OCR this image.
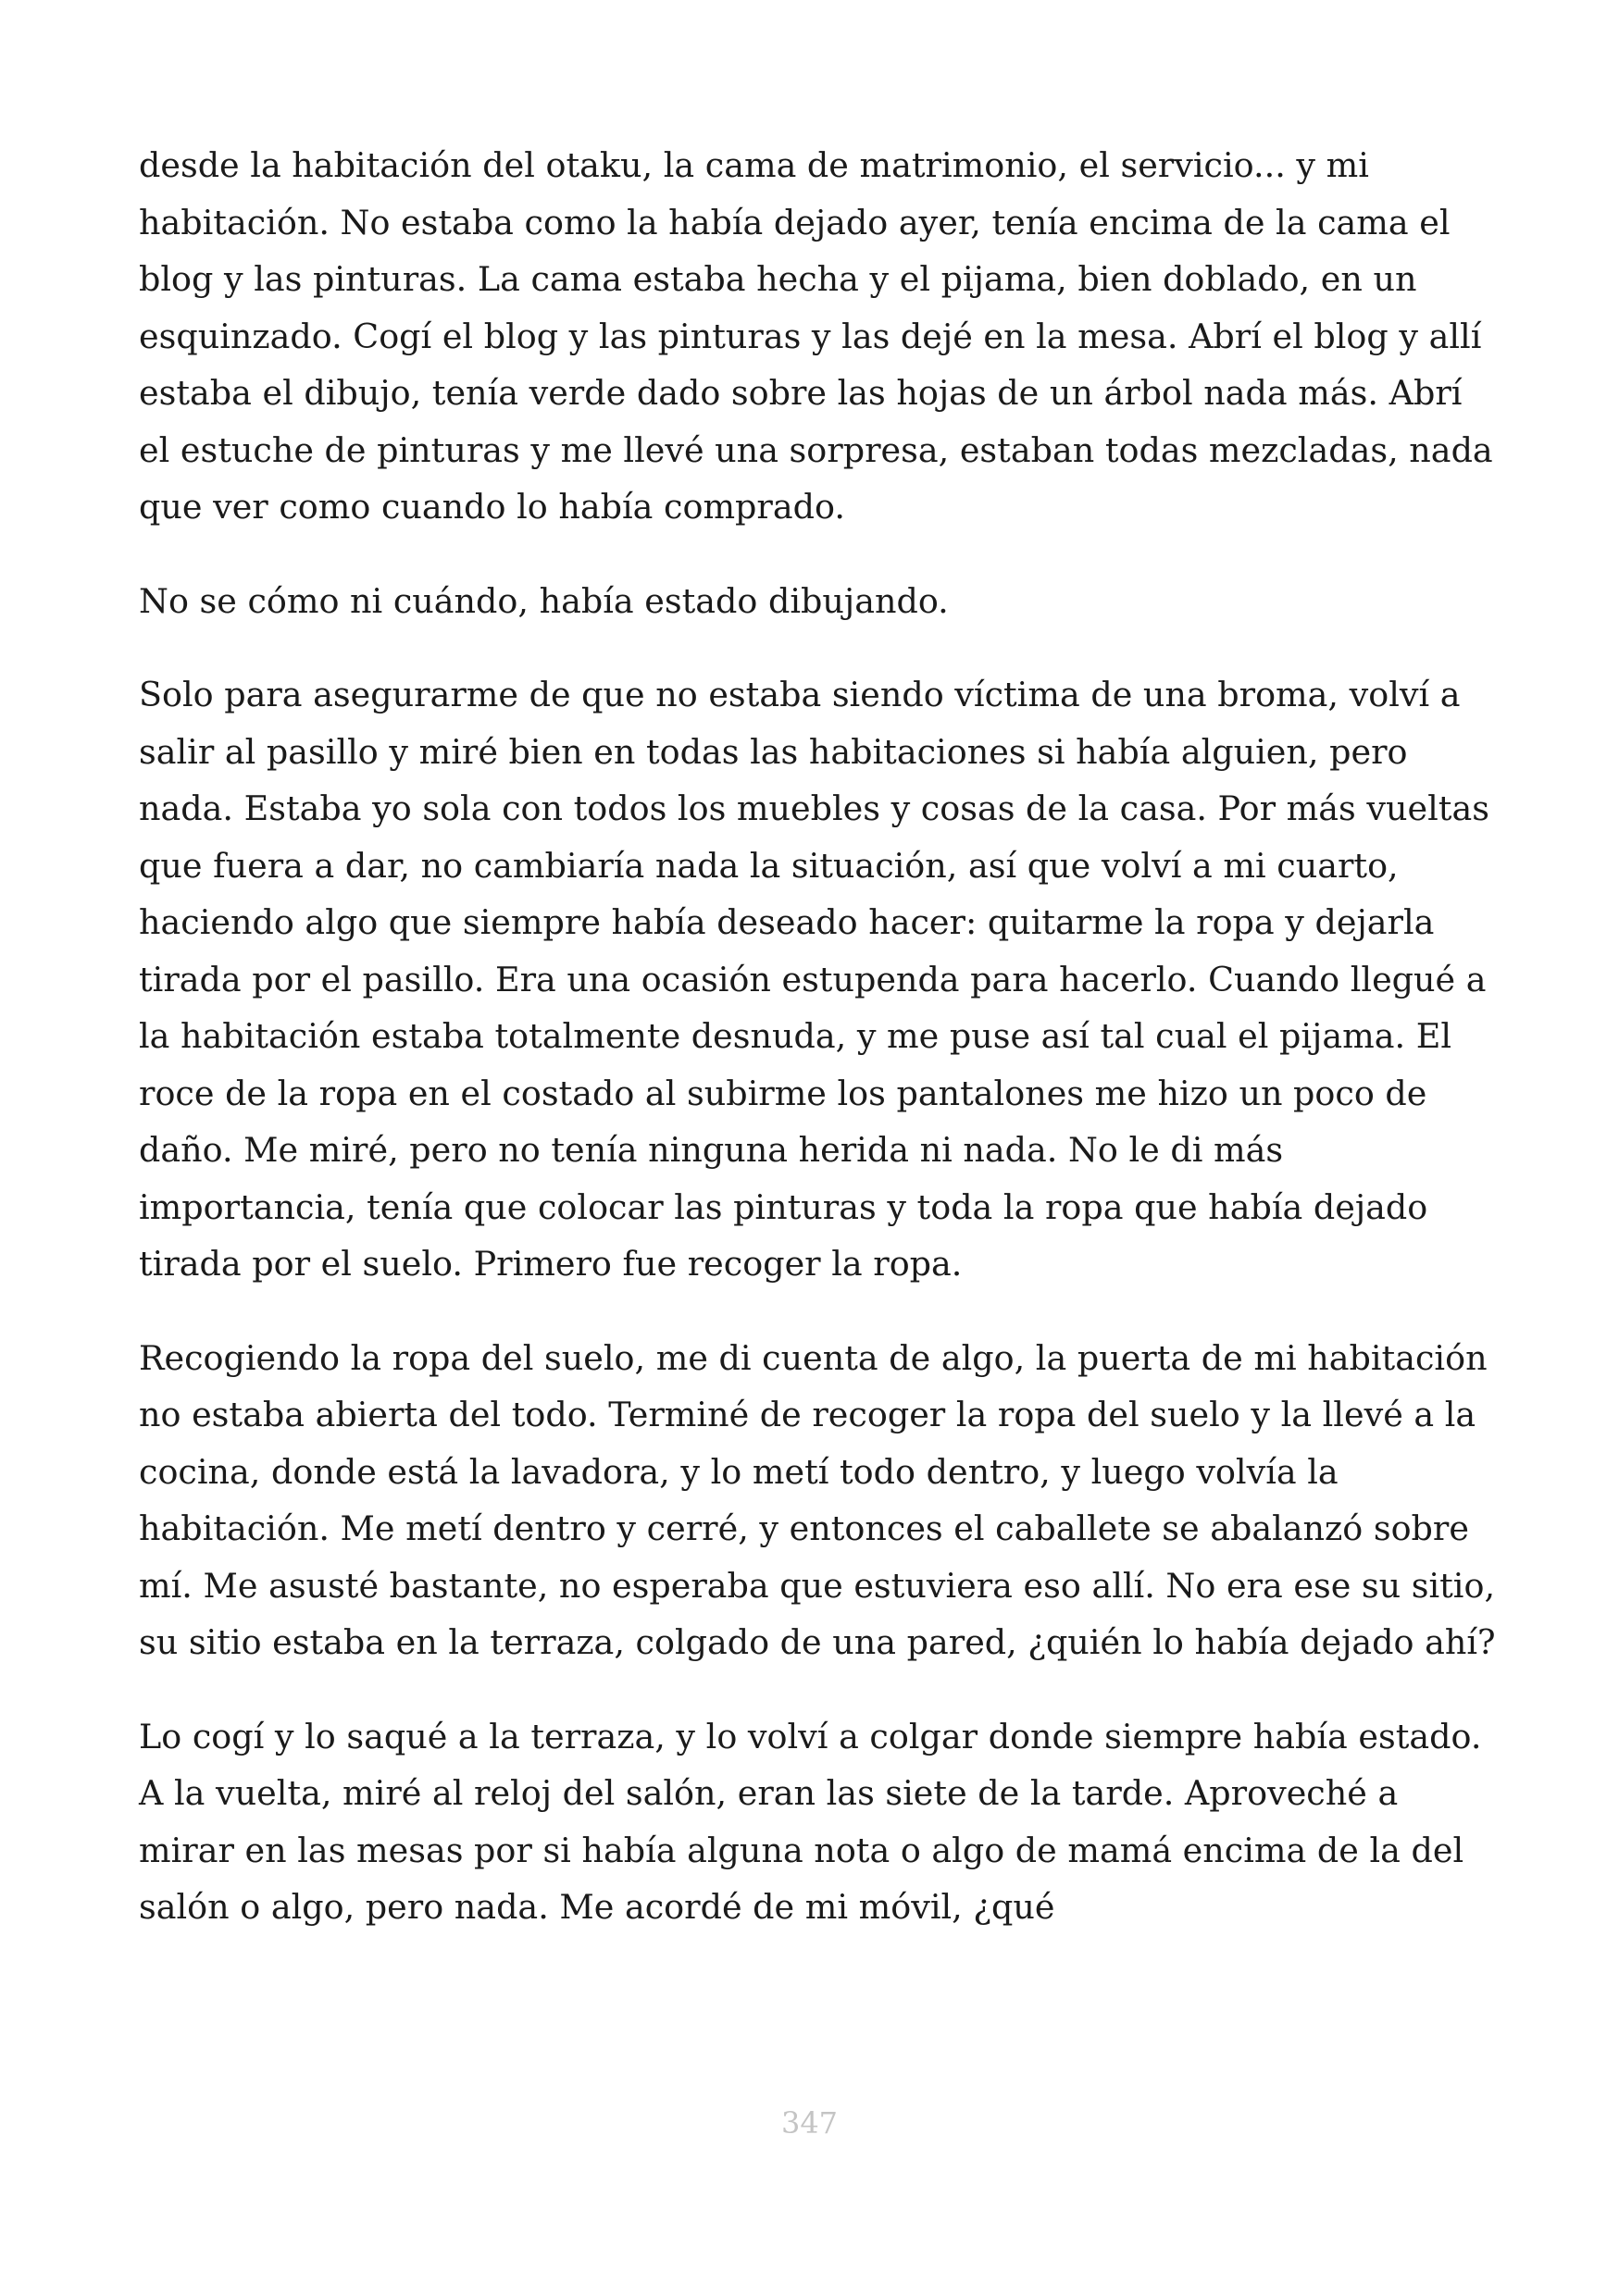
desde la habitación del otaku, la cama de matrimonio, el servicio... y mi habitación. No estaba como la había dejado ayer, tenía encima de la cama el blog y las pinturas. La cama estaba hecha y el pijama, bien doblado, en un esquinzado. Cogí el blog y las pinturas y las dejé en la mesa. Abrí el blog y allí estaba el dibujo, tenía verde dado sobre las hojas de un árbol nada más. Abrí el estuche de pinturas y me llevé una sorpresa, estaban todas mezcladas, nada que ver como cuando lo había comprado.

No se cómo ni cuándo, había estado dibujando.

Solo para asegurarme de que no estaba siendo víctima de una broma, volví a salir al pasillo y miré bien en todas las habitaciones si había alguien, pero nada. Estaba yo sola con todos los muebles y cosas de la casa. Por más vueltas que fuera a dar, no cambiaría nada la situación, así que volví a mi cuarto, haciendo algo que siempre había deseado hacer: quitarme la ropa y dejarla tirada por el pasillo. Era una ocasión estupenda para hacerlo. Cuando llegué a la habitación estaba totalmente desnuda, y me puse así tal cual el pijama. El roce de la ropa en el costado al subirme los pantalones me hizo un poco de daño. Me miré, pero no tenía ninguna herida ni nada. No le di más importancia, tenía que colocar las pinturas y toda la ropa que había dejado tirada por el suelo. Primero fue recoger la ropa.

Recogiendo la ropa del suelo, me di cuenta de algo, la puerta de mi habitación no estaba abierta del todo. Terminé de recoger la ropa del suelo y la llevé a la cocina, donde está la lavadora, y lo metí todo dentro, y luego volvía la habitación. Me metí dentro y cerré, y entonces el caballete se abalanzó sobre mí. Me asusté bastante, no esperaba que estuviera eso allí. No era ese su sitio, su sitio estaba en la terraza, colgado de una pared, ¿quién lo había dejado ahí?

Lo cogí y lo saqué a la terraza, y lo volví a colgar donde siempre había estado. A la vuelta, miré al reloj del salón, eran las siete de la tarde. Aproveché a mirar en las mesas por si había alguna nota o algo de mamá encima de la del salón o algo, pero nada. Me acordé de mi móvil, ¿qué

347
